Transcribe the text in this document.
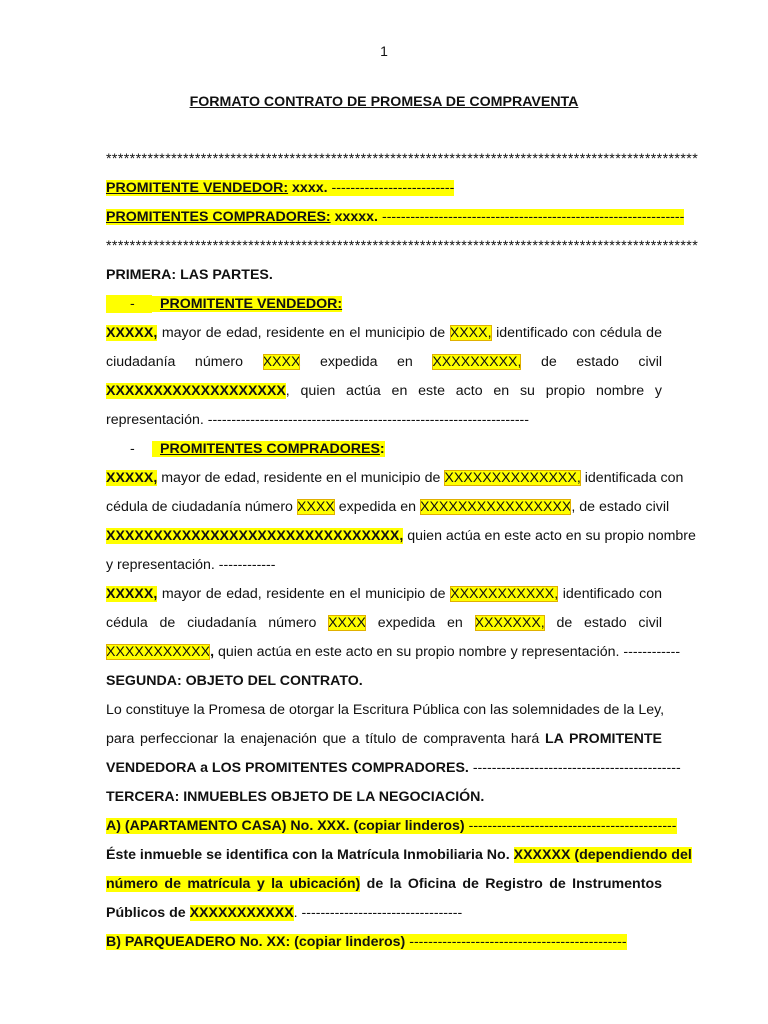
1
FORMATO CONTRATO DE PROMESA DE COMPRAVENTA
****************************************************************************************************
PROMITENTE VENDEDOR: xxxx. --------------------------
PROMITENTES COMPRADORES: xxxxx. ----------------------------------------------------------------
****************************************************************************************************
PRIMERA: LAS PARTES.
- PROMITENTE VENDEDOR:
XXXXX, mayor de edad, residente en el municipio de XXXX, identificado con cédula de
ciudadanía número XXXX expedida en XXXXXXXXX, de estado civil
XXXXXXXXXXXXXXXXXXX, quien actúa en este acto en su propio nombre y
representación. --------------------------------------------------------------------
- PROMITENTES COMPRADORES:
XXXXX, mayor de edad, residente en el municipio de XXXXXXXXXXXXXX, identificada con
cédula de ciudadanía número XXXX expedida en XXXXXXXXXXXXXXXX, de estado civil
XXXXXXXXXXXXXXXXXXXXXXXXXXXXXXX, quien actúa en este acto en su propio nombre
y representación. ------------
XXXXX, mayor de edad, residente en el municipio de XXXXXXXXXXX, identificado con
cédula de ciudadanía número XXXX expedida en XXXXXXX, de estado civil
XXXXXXXXXXX, quien actúa en este acto en su propio nombre y representación. ------------
SEGUNDA: OBJETO DEL CONTRATO.
Lo constituye la Promesa de otorgar la Escritura Pública con las solemnidades de la Ley,
para perfeccionar la enajenación que a título de compraventa hará LA PROMITENTE
VENDEDORA a LOS PROMITENTES COMPRADORES. --------------------------------------------
TERCERA: INMUEBLES OBJETO DE LA NEGOCIACIÓN.
A) (APARTAMENTO CASA) No. XXX. (copiar linderos) --------------------------------------------
Éste inmueble se identifica con la Matrícula Inmobiliaria No. XXXXXX (dependiendo del
número de matrícula y la ubicación) de la Oficina de Registro de Instrumentos
Públicos de XXXXXXXXXXX. ----------------------------------
B) PARQUEADERO No. XX: (copiar linderos) ----------------------------------------------
